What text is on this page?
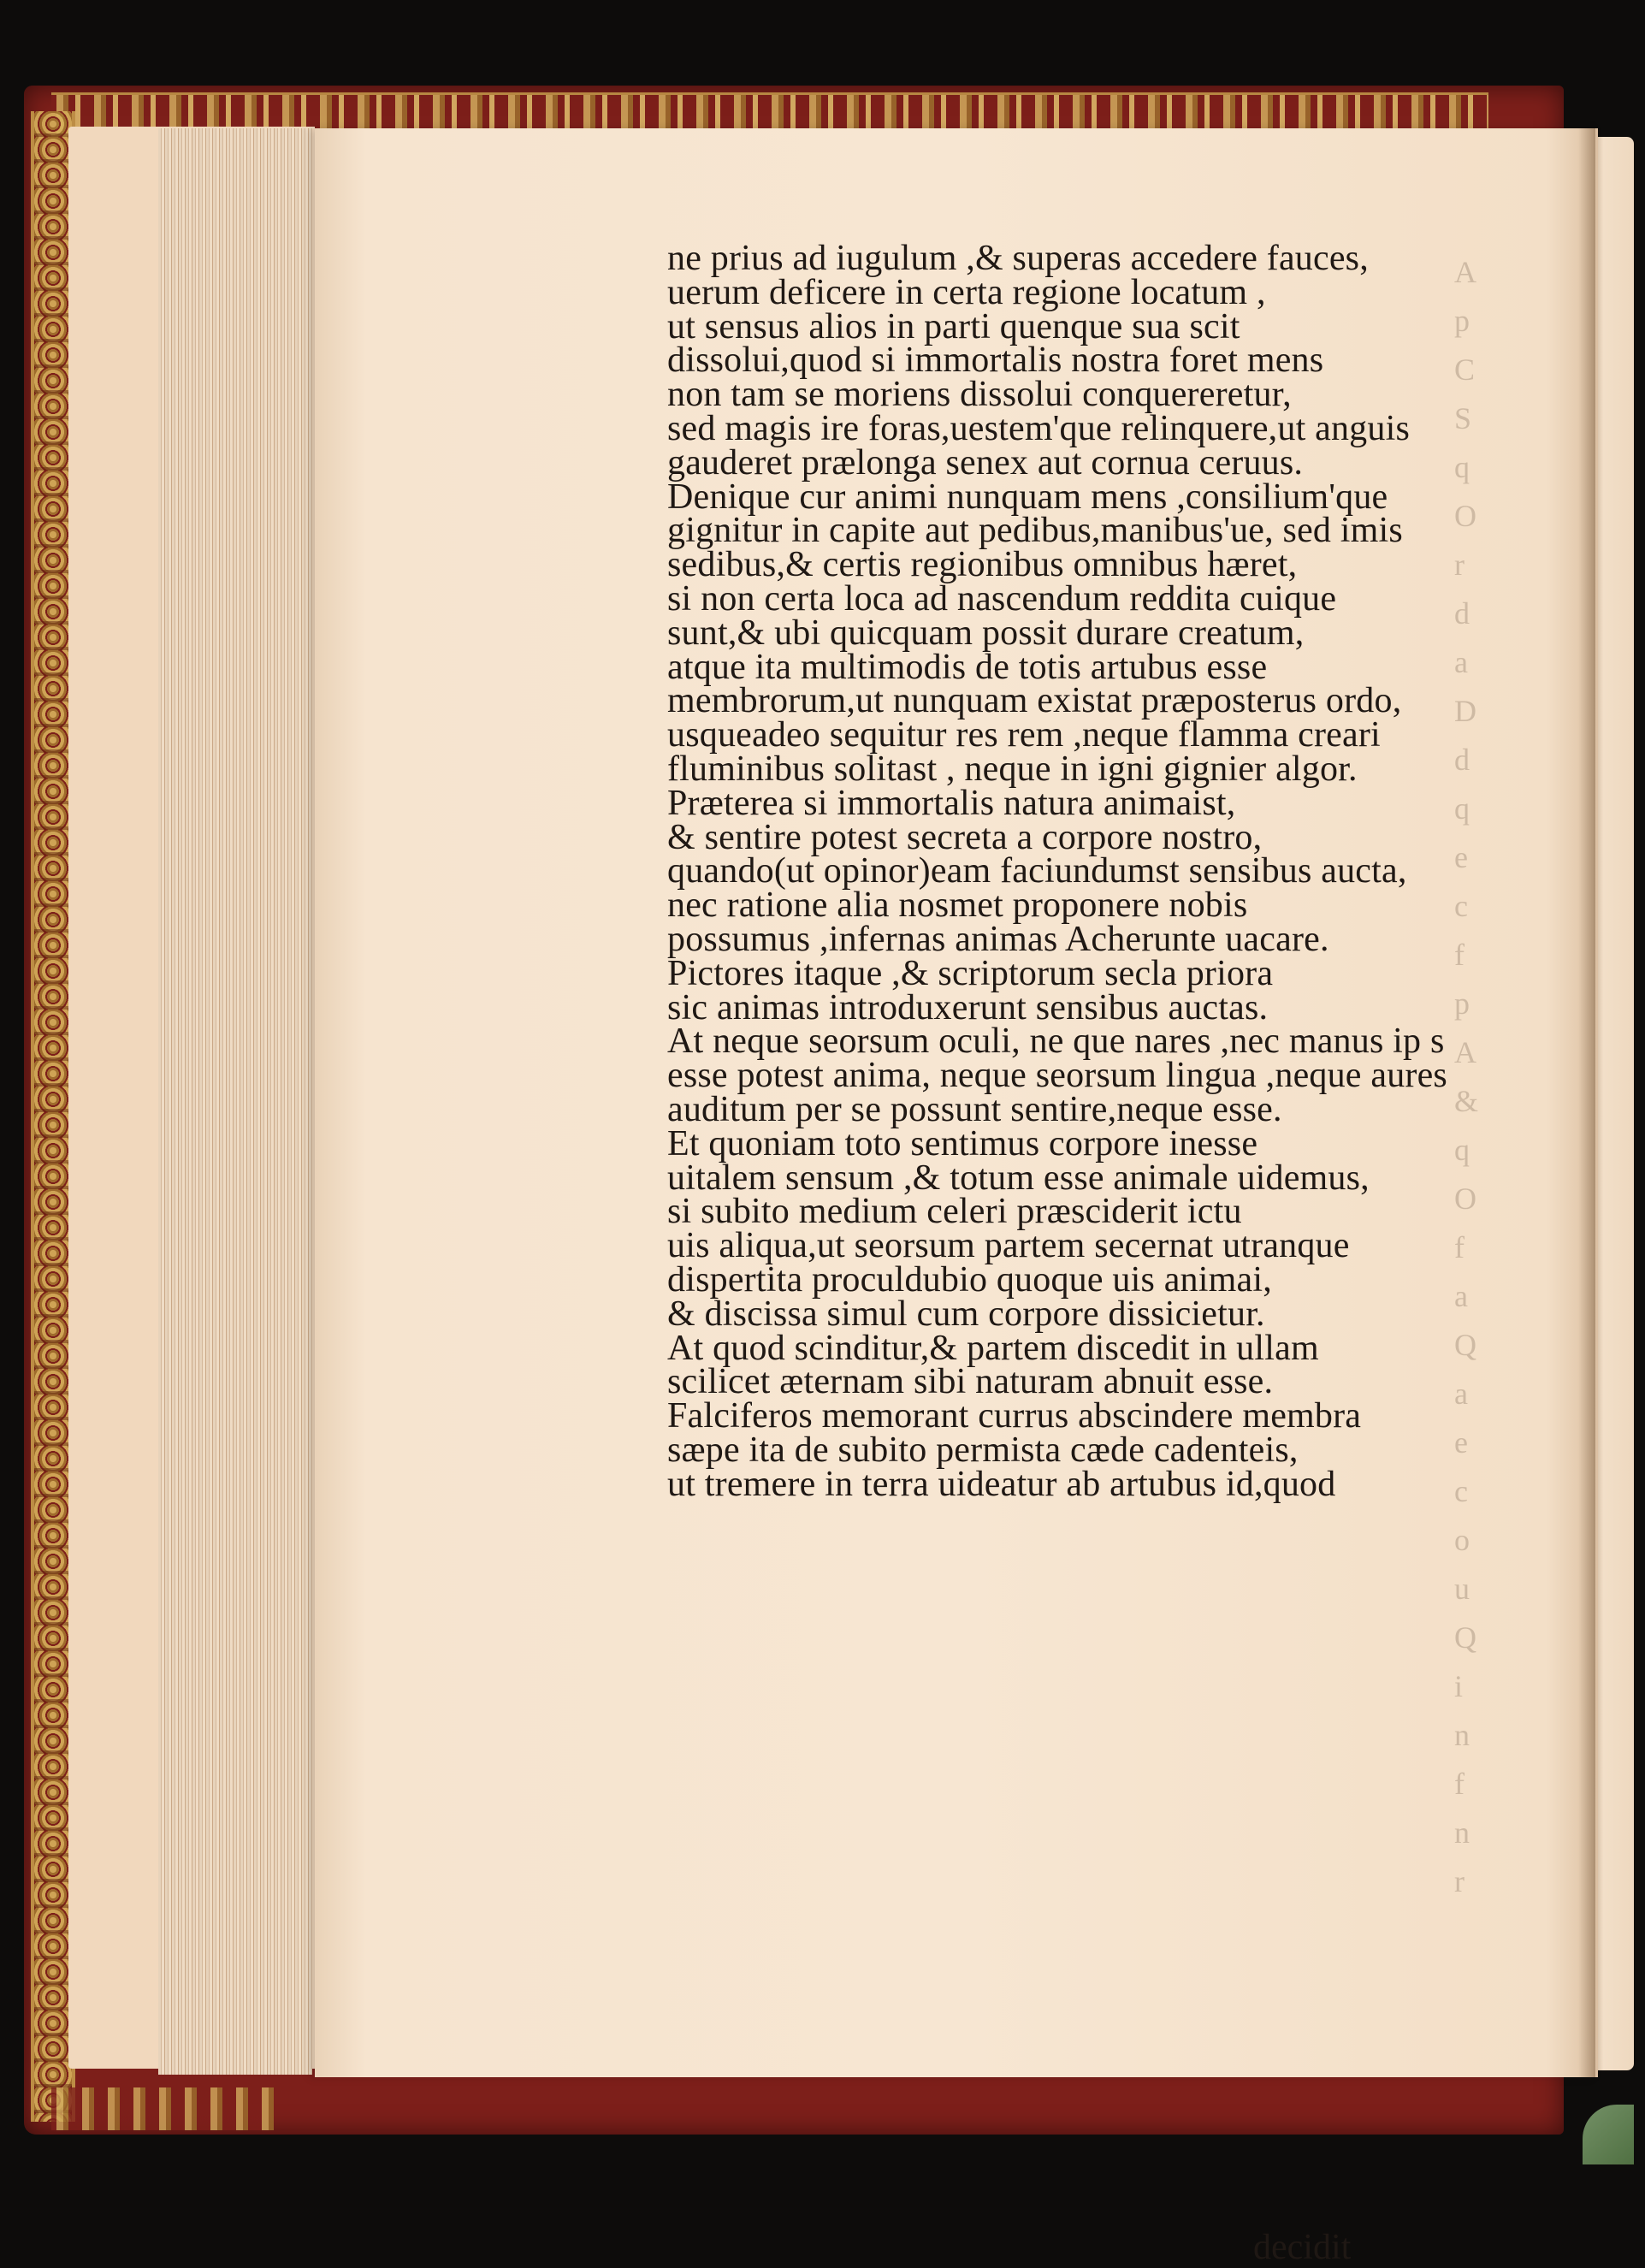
A
p
C
S
q
O
r
d
a
D
d
q
e
c
f
p
A
&
q
O
f
a
Q
a
e
c
o
u
Q
i
n
f
n
r
ne prius ad iugulum ,& superas accedere fauces,
uerum deficere in certa regione locatum ,
ut sensus alios in parti quenque sua scit
dissolui,quod si immortalis nostra foret mens
non tam se moriens dissolui conquereretur,
sed magis ire foras,uestem'que relinquere,ut anguis
gauderet prælonga senex aut cornua ceruus.
Denique cur animi nunquam mens ,consilium'que
gignitur in capite aut pedibus,manibus'ue, sed imis
sedibus,& certis regionibus omnibus hæret,
si non certa loca ad nascendum reddita cuique
sunt,& ubi quicquam possit durare creatum,
atque ita multimodis de totis artubus esse
membrorum,ut nunquam existat præposterus ordo,
usqueadeo sequitur res rem ,neque flamma creari
fluminibus solitast , neque in igni gignier algor.
Præterea si immortalis natura animaist,
& sentire potest secreta a corpore nostro,
quando(ut opinor)eam faciundumst sensibus aucta,
nec ratione alia nosmet proponere nobis
possumus ,infernas animas Acherunte uacare.
Pictores itaque ,& scriptorum secla priora
sic animas introduxerunt sensibus auctas.
At neque seorsum oculi, ne que nares ,nec manus ip s
esse potest anima, neque seorsum lingua ,neque aures
auditum per se possunt sentire,neque esse.
Et quoniam toto sentimus corpore inesse
uitalem sensum ,& totum esse animale uidemus,
si subito medium celeri præsciderit ictu
uis aliqua,ut seorsum partem secernat utranque
dispertita proculdubio quoque uis animai,
& discissa simul cum corpore dissicietur.
At quod scinditur,& partem discedit in ullam
scilicet æternam sibi naturam abnuit esse.
Falciferos memorant currus abscindere membra
sæpe ita de subito permista cæde cadenteis,
ut tremere in terra uideatur ab artubus id,quod
decidit
